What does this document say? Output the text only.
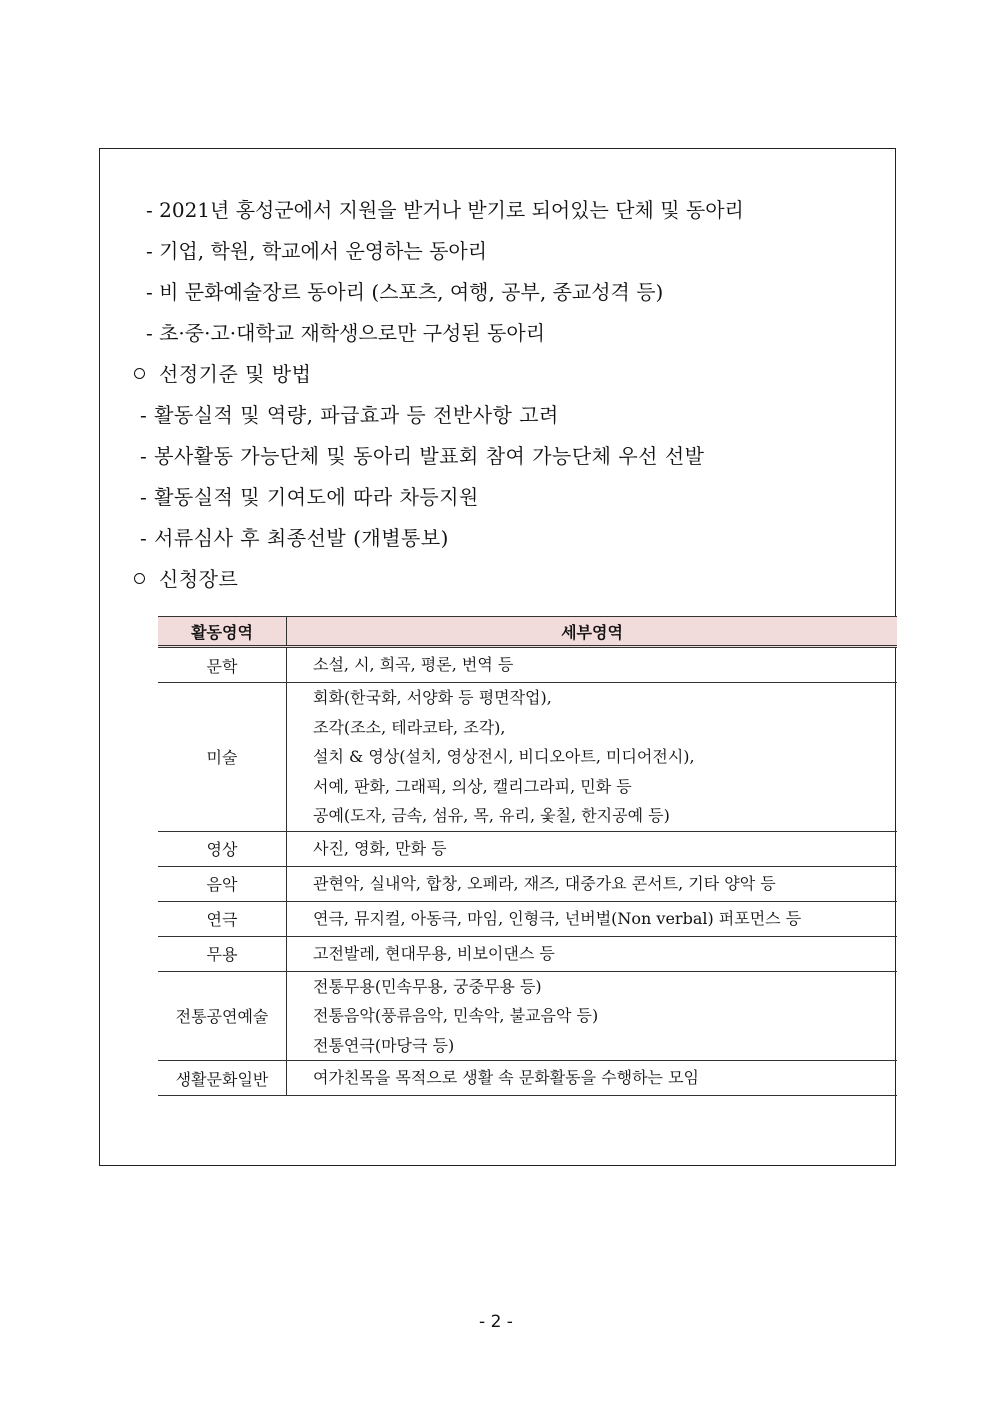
- 2021년 홍성군에서 지원을 받거나 받기로 되어있는 단체 및 동아리
- 기업, 학원, 학교에서 운영하는 동아리
- 비 문화예술장르 동아리 (스포츠, 여행, 공부, 종교성격 등)
- 초·중·고·대학교 재학생으로만 구성된 동아리
선정기준 및 방법
- 활동실적 및 역량, 파급효과 등 전반사항 고려
- 봉사활동 가능단체 및 동아리 발표회 참여 가능단체 우선 선발
- 활동실적 및 기여도에 따라 차등지원
- 서류심사 후 최종선발 (개별통보)
신청장르
활동영역	세부영역
문학	소설, 시, 희곡, 평론, 번역 등

미술	회화(한국화, 서양화 등 평면작업),
조각(조소, 테라코타, 조각),
설치 & 영상(설치, 영상전시, 비디오아트, 미디어전시),
서예, 판화, 그래픽, 의상, 캘리그라피, 민화 등
공예(도자, 금속, 섬유, 목, 유리, 옻칠, 한지공예 등)

영상	사진, 영화, 만화 등

음악	관현악, 실내악, 합창, 오페라, 재즈, 대중가요 콘서트, 기타 양악 등

연극	연극, 뮤지컬, 아동극, 마임, 인형극, 넌버벌(Non verbal) 퍼포먼스 등

무용	고전발레, 현대무용, 비보이댄스 등

전통공연예술	전통무용(민속무용, 궁중무용 등)
전통음악(풍류음악, 민속악, 불교음악 등)
전통연극(마당극 등)

생활문화일반	여가친목을 목적으로 생활 속 문화활동을 수행하는 모임
- 2 -
